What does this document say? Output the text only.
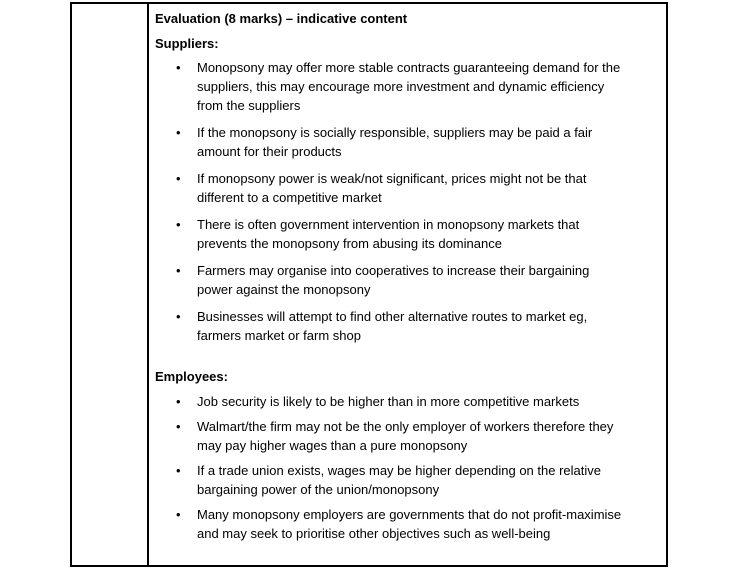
Evaluation (8 marks) – indicative content

Suppliers:

• Monopsony may offer more stable contracts guaranteeing demand for the suppliers, this may encourage more investment and dynamic efficiency from the suppliers
• If the monopsony is socially responsible, suppliers may be paid a fair amount for their products
• If monopsony power is weak/not significant, prices might not be that different to a competitive market
• There is often government intervention in monopsony markets that prevents the monopsony from abusing its dominance
• Farmers may organise into cooperatives to increase their bargaining power against the monopsony
• Businesses will attempt to find other alternative routes to market eg, farmers market or farm shop

Employees:

• Job security is likely to be higher than in more competitive markets
• Walmart/the firm may not be the only employer of workers therefore they may pay higher wages than a pure monopsony
• If a trade union exists, wages may be higher depending on the relative bargaining power of the union/monopsony
• Many monopsony employers are governments that do not profit-maximise and may seek to prioritise other objectives such as well-being
